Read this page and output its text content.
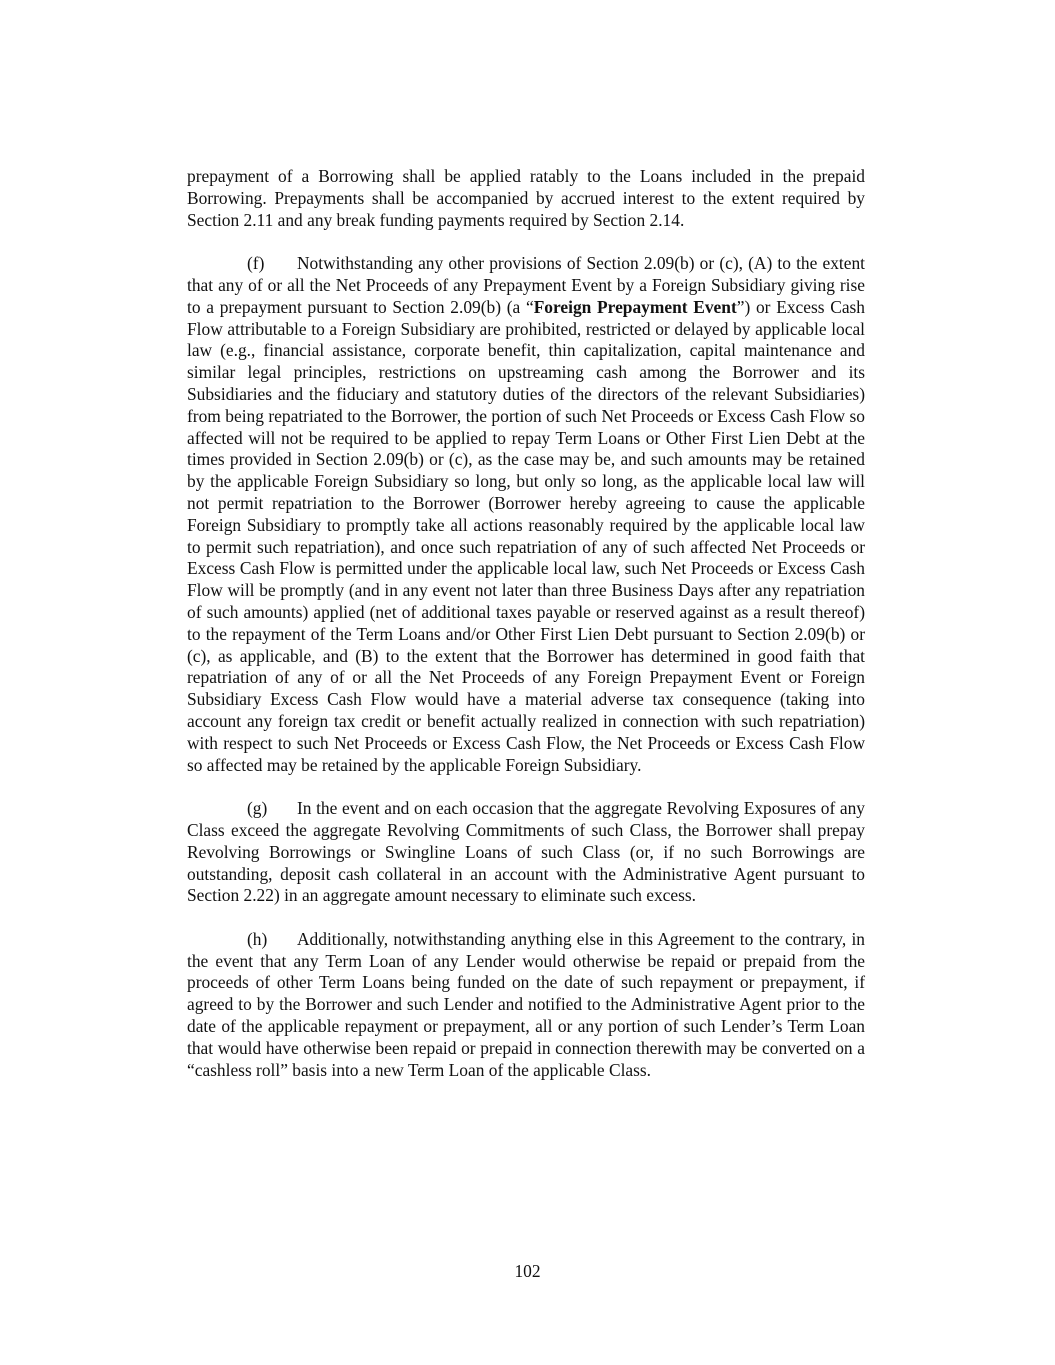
prepayment of a Borrowing shall be applied ratably to the Loans included in the prepaid Borrowing. Prepayments shall be accompanied by accrued interest to the extent required by Section 2.11 and any break funding payments required by Section 2.14.

(f) Notwithstanding any other provisions of Section 2.09(b) or (c), (A) to the extent that any of or all the Net Proceeds of any Prepayment Event by a Foreign Subsidiary giving rise to a prepayment pursuant to Section 2.09(b) (a “Foreign Prepayment Event”) or Excess Cash Flow attributable to a Foreign Subsidiary are prohibited, restricted or delayed by applicable local law (e.g., financial assistance, corporate benefit, thin capitalization, capital maintenance and similar legal principles, restrictions on upstreaming cash among the Borrower and its Subsidiaries and the fiduciary and statutory duties of the directors of the relevant Subsidiaries) from being repatriated to the Borrower, the portion of such Net Proceeds or Excess Cash Flow so affected will not be required to be applied to repay Term Loans or Other First Lien Debt at the times provided in Section 2.09(b) or (c), as the case may be, and such amounts may be retained by the applicable Foreign Subsidiary so long, but only so long, as the applicable local law will not permit repatriation to the Borrower (Borrower hereby agreeing to cause the applicable Foreign Subsidiary to promptly take all actions reasonably required by the applicable local law to permit such repatriation), and once such repatriation of any of such affected Net Proceeds or Excess Cash Flow is permitted under the applicable local law, such Net Proceeds or Excess Cash Flow will be promptly (and in any event not later than three Business Days after any repatriation of such amounts) applied (net of additional taxes payable or reserved against as a result thereof) to the repayment of the Term Loans and/or Other First Lien Debt pursuant to Section 2.09(b) or (c), as applicable, and (B) to the extent that the Borrower has determined in good faith that repatriation of any of or all the Net Proceeds of any Foreign Prepayment Event or Foreign Subsidiary Excess Cash Flow would have a material adverse tax consequence (taking into account any foreign tax credit or benefit actually realized in connection with such repatriation) with respect to such Net Proceeds or Excess Cash Flow, the Net Proceeds or Excess Cash Flow so affected may be retained by the applicable Foreign Subsidiary.

(g) In the event and on each occasion that the aggregate Revolving Exposures of any Class exceed the aggregate Revolving Commitments of such Class, the Borrower shall prepay Revolving Borrowings or Swingline Loans of such Class (or, if no such Borrowings are outstanding, deposit cash collateral in an account with the Administrative Agent pursuant to Section 2.22) in an aggregate amount necessary to eliminate such excess.

(h) Additionally, notwithstanding anything else in this Agreement to the contrary, in the event that any Term Loan of any Lender would otherwise be repaid or prepaid from the proceeds of other Term Loans being funded on the date of such repayment or prepayment, if agreed to by the Borrower and such Lender and notified to the Administrative Agent prior to the date of the applicable repayment or prepayment, all or any portion of such Lender’s Term Loan that would have otherwise been repaid or prepaid in connection therewith may be converted on a “cashless roll” basis into a new Term Loan of the applicable Class.

102
